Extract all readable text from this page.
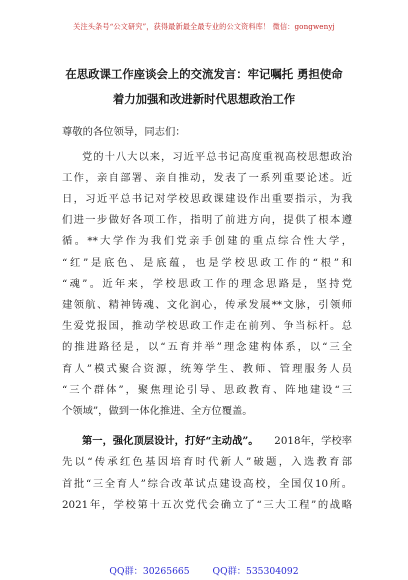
关注头条号“公文研究”，获得最新最全最专业的公文资料库！ 微信：gongwenyj
在思政课工作座谈会上的交流发言：牢记嘱托 勇担使命
着力加强和改进新时代思想政治工作
尊敬的各位领导，同志们：
党的十八大以来，习近平总书记高度重视高校思想政治
工作，亲自部署、亲自推动，发表了一系列重要论述。近
日，习近平总书记对学校思政课建设作出重要指示，为我
们进一步做好各项工作，指明了前进方向，提供了根本遵
循。**大学作为我们党亲手创建的重点综合性大学，
“红”是底色、是底蕴，也是学校思政工作的“根”和
“魂”。近年来，学校思政工作的理念思路是，坚持党
建领航、精神铸魂、文化润心，传承发展**文脉，引领师
生爱党报国，推动学校思政工作走在前列、争当标杆。总
的推进路径是，以“五育并举”理念建构体系，以“三全
育人”模式聚合资源，统筹学生、教师、管理服务人员
“三个群体”，聚焦理论引导、思政教育、阵地建设“三
个领域”，做到一体化推进、全方位覆盖。
第一，强化顶层设计，打好“主动战”。 2018年，学校率
先以“传承红色基因培育时代新人”破题，入选教育部
首批“三全育人”综合改革试点建设高校，全国仅10所。
2021年，学校第十五次党代会确立了“三大工程”的战略
QQ群：30265665 QQ群：535304092
